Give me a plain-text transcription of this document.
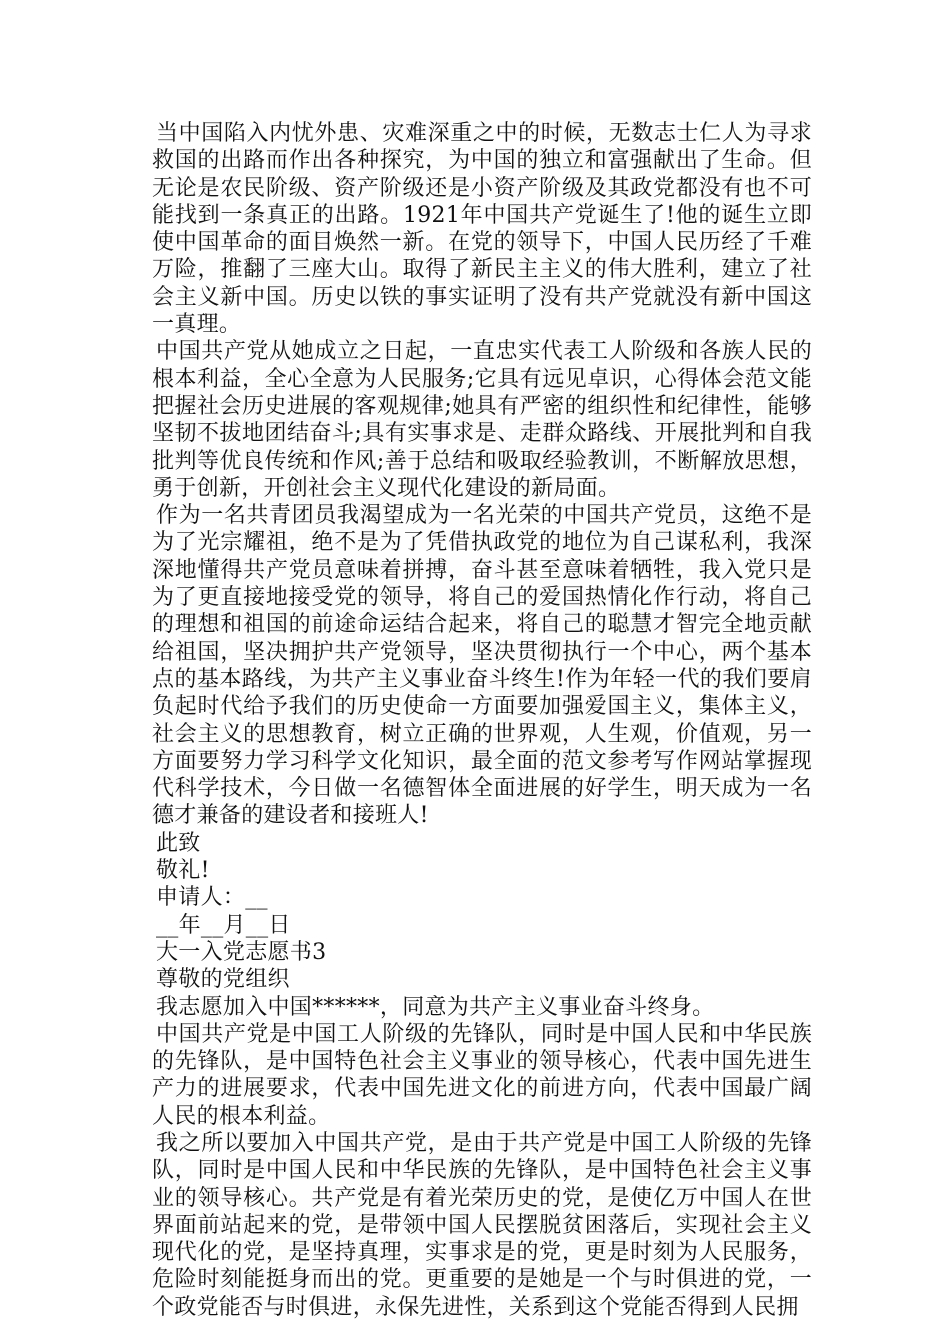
当中国陷入内忧外患、灾难深重之中的时候，无数志士仁人为寻求救国的出路而作出各种探究，为中国的独立和富强献出了生命。但无论是农民阶级、资产阶级还是小资产阶级及其政党都没有也不可能找到一条真正的出路。1921年中国共产党诞生了!他的诞生立即使中国革命的面目焕然一新。在党的领导下，中国人民历经了千难万险，推翻了三座大山。取得了新民主主义的伟大胜利，建立了社会主义新中国。历史以铁的事实证明了没有共产党就没有新中国这一真理。

中国共产党从她成立之日起，一直忠实代表工人阶级和各族人民的根本利益，全心全意为人民服务;它具有远见卓识，心得体会范文能把握社会历史进展的客观规律;她具有严密的组织性和纪律性，能够坚韧不拔地团结奋斗;具有实事求是、走群众路线、开展批判和自我批判等优良传统和作风;善于总结和吸取经验教训，不断解放思想，勇于创新，开创社会主义现代化建设的新局面。

作为一名共青团员我渴望成为一名光荣的中国共产党员，这绝不是为了光宗耀祖，绝不是为了凭借执政党的地位为自己谋私利，我深深地懂得共产党员意味着拼搏，奋斗甚至意味着牺牲，我入党只是为了更直接地接受党的领导，将自己的爱国热情化作行动，将自己的理想和祖国的前途命运结合起来，将自己的聪慧才智完全地贡献给祖国，坚决拥护共产党领导，坚决贯彻执行一个中心，两个基本点的基本路线，为共产主义事业奋斗终生!作为年轻一代的我们要肩负起时代给予我们的历史使命一方面要加强爱国主义，集体主义，社会主义的思想教育，树立正确的世界观，人生观，价值观，另一方面要努力学习科学文化知识，最全面的范文参考写作网站掌握现代科学技术，今日做一名德智体全面进展的好学生，明天成为一名德才兼备的建设者和接班人!

此致

敬礼!

申请人：__

__年__月__日

大一入党志愿书3

尊敬的党组织

我志愿加入中国******，同意为共产主义事业奋斗终身。

中国共产党是中国工人阶级的先锋队，同时是中国人民和中华民族的先锋队，是中国特色社会主义事业的领导核心，代表中国先进生产力的进展要求，代表中国先进文化的前进方向，代表中国最广阔人民的根本利益。

我之所以要加入中国共产党，是由于共产党是中国工人阶级的先锋队，同时是中国人民和中华民族的先锋队，是中国特色社会主义事业的领导核心。共产党是有着光荣历史的党，是使亿万中国人在世界面前站起来的党，是带领中国人民摆脱贫困落后，实现社会主义现代化的党，是坚持真理，实事求是的党，更是时刻为人民服务，危险时刻能挺身而出的党。更重要的是她是一个与时俱进的党，一个政党能否与时俱进，永保先进性，关系到这个党能否得到人民拥
